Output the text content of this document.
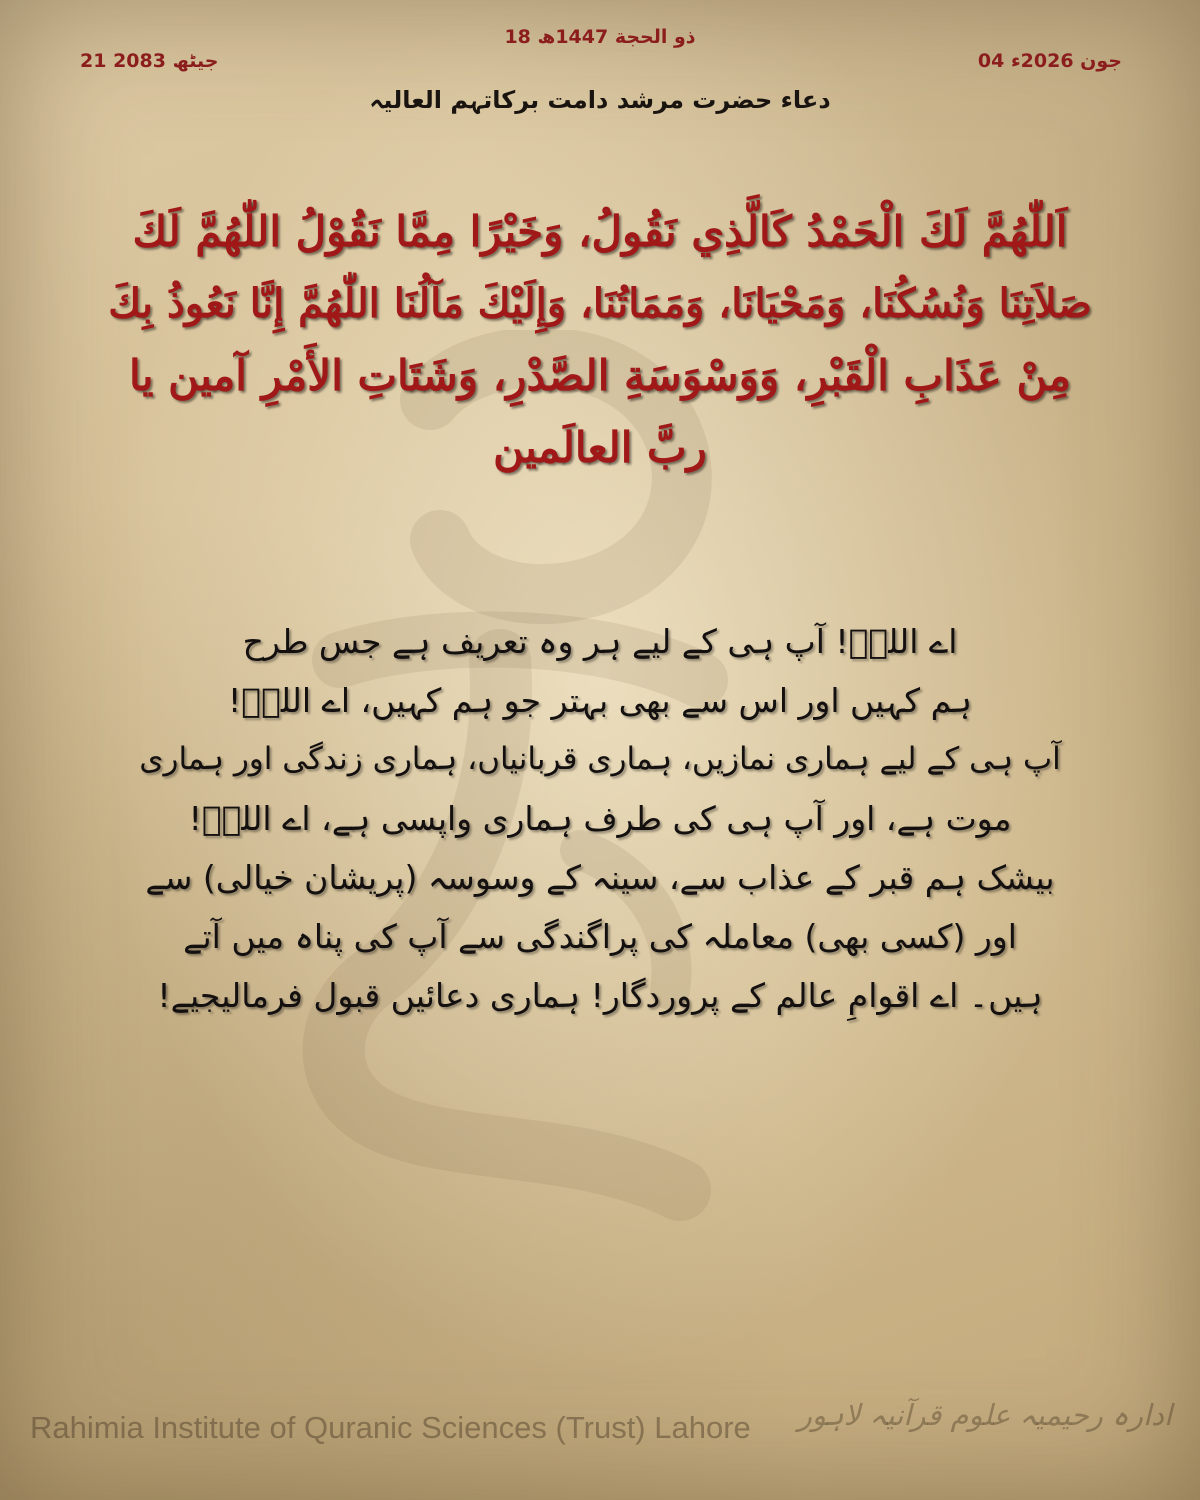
18 ذو الحجة 1447ھ
04 جون 2026ء
21 جیٹھ 2083
دعاء حضرت مرشد دامت برکاتہم العالیہ
اَللّٰهُمَّ لَكَ الْحَمْدُ كَالَّذِي نَقُولُ، وَخَيْرًا مِمَّا نَقُوْلُ اللّٰهُمَّ لَكَ
صَلاَتِنَا وَنُسُكُنَا، وَمَحْيَانَا، وَمَمَاتُنَا، وَإِلَيْكَ مَآلُنَا اللّٰهُمَّ إِنَّا نَعُوذُ بِكَ
مِنْ عَذَابِ الْقَبْرِ، وَوَسْوَسَةِ الصَّدْرِ، وَشَتَاتِ الأَمْرِ آمین یا
ربَّ العالَمین
اے اللہؐ! آپ ہی کے لیے ہر وہ تعریف ہے جس طرح
ہم کہیں اور اس سے بھی بہتر جو ہم کہیں، اے اللہؐ!
آپ ہی کے لیے ہماری نمازیں، ہماری قربانیاں، ہماری زندگی اور ہماری
موت ہے، اور آپ ہی کی طرف ہماری واپسی ہے، اے اللہؐ!
بیشک ہم قبر کے عذاب سے، سینہ کے وسوسہ (پریشان خیالی) سے
اور (کسی بھی) معاملہ کی پراگندگی سے آپ کی پناہ میں آتے
ہیں۔ اے اقوامِ عالم کے پروردگار! ہماری دعائیں قبول فرمالیجیے!
Rahimia Institute of Quranic Sciences (Trust) Lahore ادارہ رحیمیہ علوم قرآنیہ لاہور
